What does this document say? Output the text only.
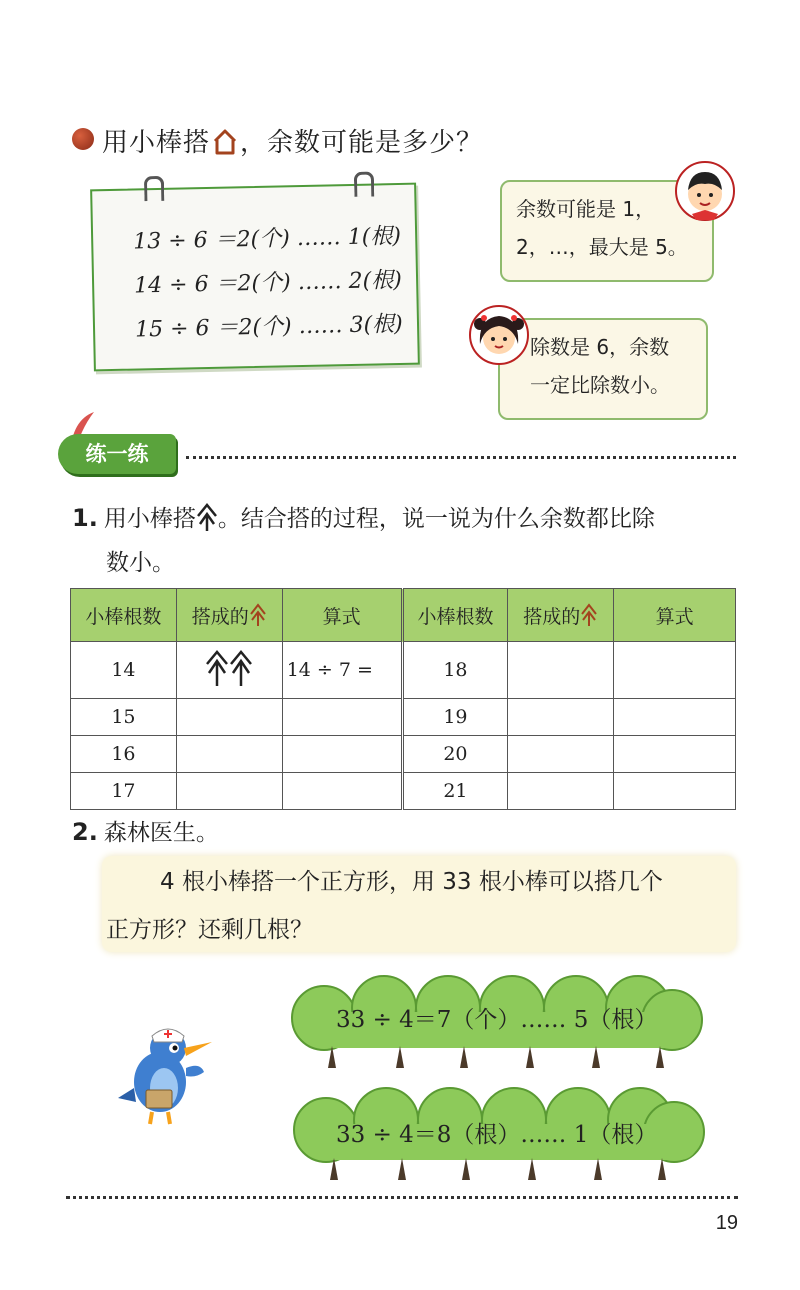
用小棒搭 ，余数可能是多少？
13 ÷ 6 ＝2(个) …… 1(根)
14 ÷ 6 ＝2(个) …… 2(根)
15 ÷ 6 ＝2(个) …… 3(根)
余数可能是 1，
2，…，最大是 5。
除数是 6，余数
一定比除数小。
练一练
1. 用小棒搭 。结合搭的过程，说一说为什么余数都比除
数小。
小棒根数	搭成的	算式	小棒根数	搭成的	算式
14		14 ÷ 7 =	18		
15			19		
16			20		
17			21		
2. 森林医生。
4 根小棒搭一个正方形，用 33 根小棒可以搭几个
正方形？还剩几根？
33 ÷ 4＝7（个）…… 5（根）
33 ÷ 4＝8（根）…… 1（根）
19
